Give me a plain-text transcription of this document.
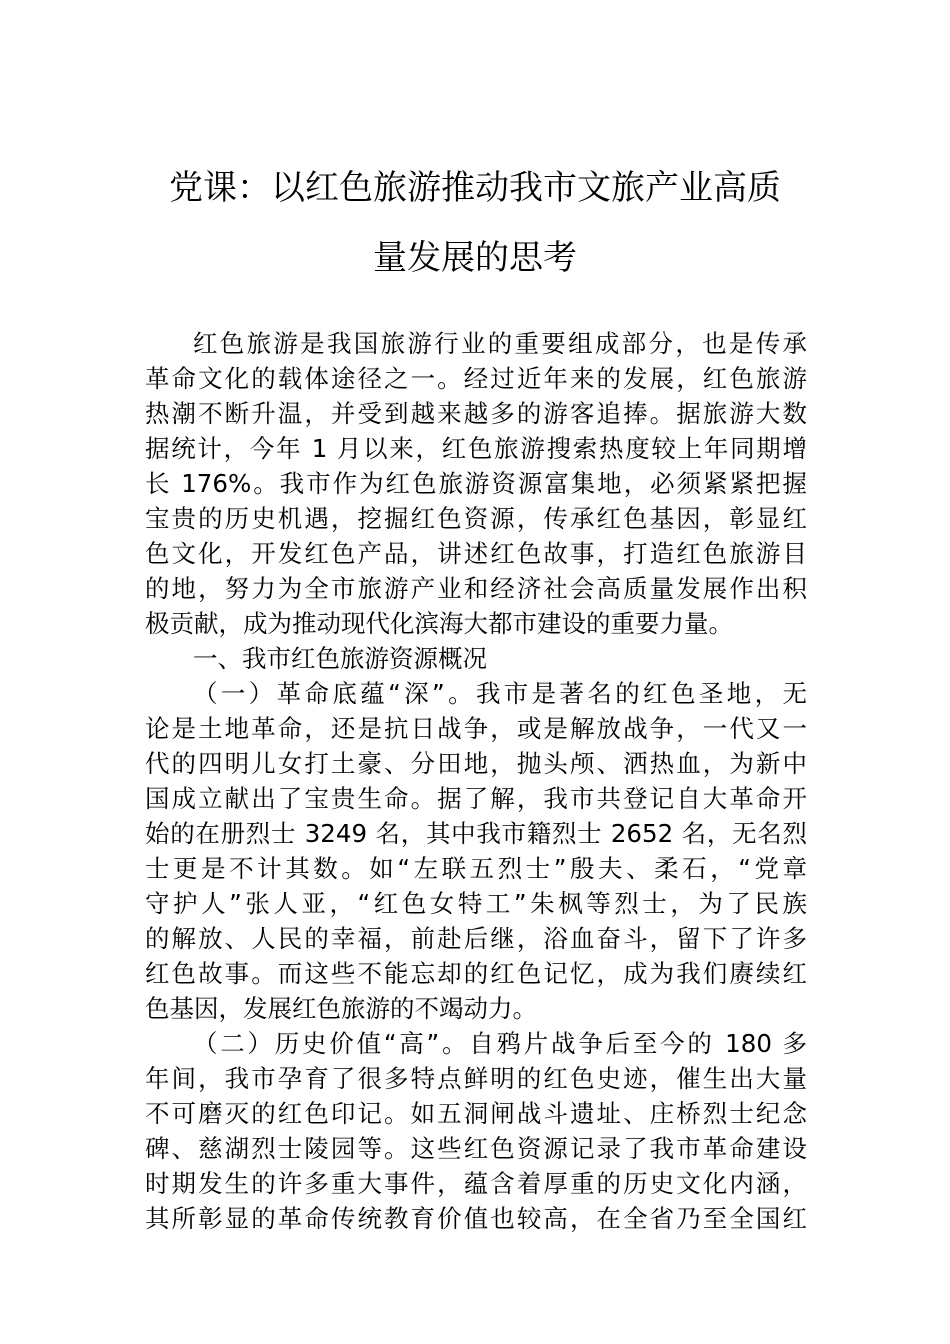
党课：以红色旅游推动我市文旅产业高质
量发展的思考

红色旅游是我国旅游行业的重要组成部分，也是传承

革命文化的载体途径之一。经过近年来的发展，红色旅游

热潮不断升温，并受到越来越多的游客追捧。据旅游大数

据统计，今年 1 月以来，红色旅游搜索热度较上年同期增

长 176%。我市作为红色旅游资源富集地，必须紧紧把握

宝贵的历史机遇，挖掘红色资源，传承红色基因，彰显红

色文化，开发红色产品，讲述红色故事，打造红色旅游目

的地，努力为全市旅游产业和经济社会高质量发展作出积

极贡献，成为推动现代化滨海大都市建设的重要力量。

一、我市红色旅游资源概况

（一）革命底蕴“深”。我市是著名的红色圣地，无

论是土地革命，还是抗日战争，或是解放战争，一代又一

代的四明儿女打土豪、分田地，抛头颅、洒热血，为新中

国成立献出了宝贵生命。据了解，我市共登记自大革命开

始的在册烈士 3249 名，其中我市籍烈士 2652 名，无名烈

士更是不计其数。如“左联五烈士”殷夫、柔石，“党章

守护人”张人亚，“红色女特工”朱枫等烈士，为了民族

的解放、人民的幸福，前赴后继，浴血奋斗，留下了许多

红色故事。而这些不能忘却的红色记忆，成为我们赓续红

色基因，发展红色旅游的不竭动力。

（二）历史价值“高”。自鸦片战争后至今的 180 多

年间，我市孕育了很多特点鲜明的红色史迹，催生出大量

不可磨灭的红色印记。如五洞闸战斗遗址、庄桥烈士纪念

碑、慈湖烈士陵园等。这些红色资源记录了我市革命建设

时期发生的许多重大事件，蕴含着厚重的历史文化内涵，

其所彰显的革命传统教育价值也较高，在全省乃至全国红
